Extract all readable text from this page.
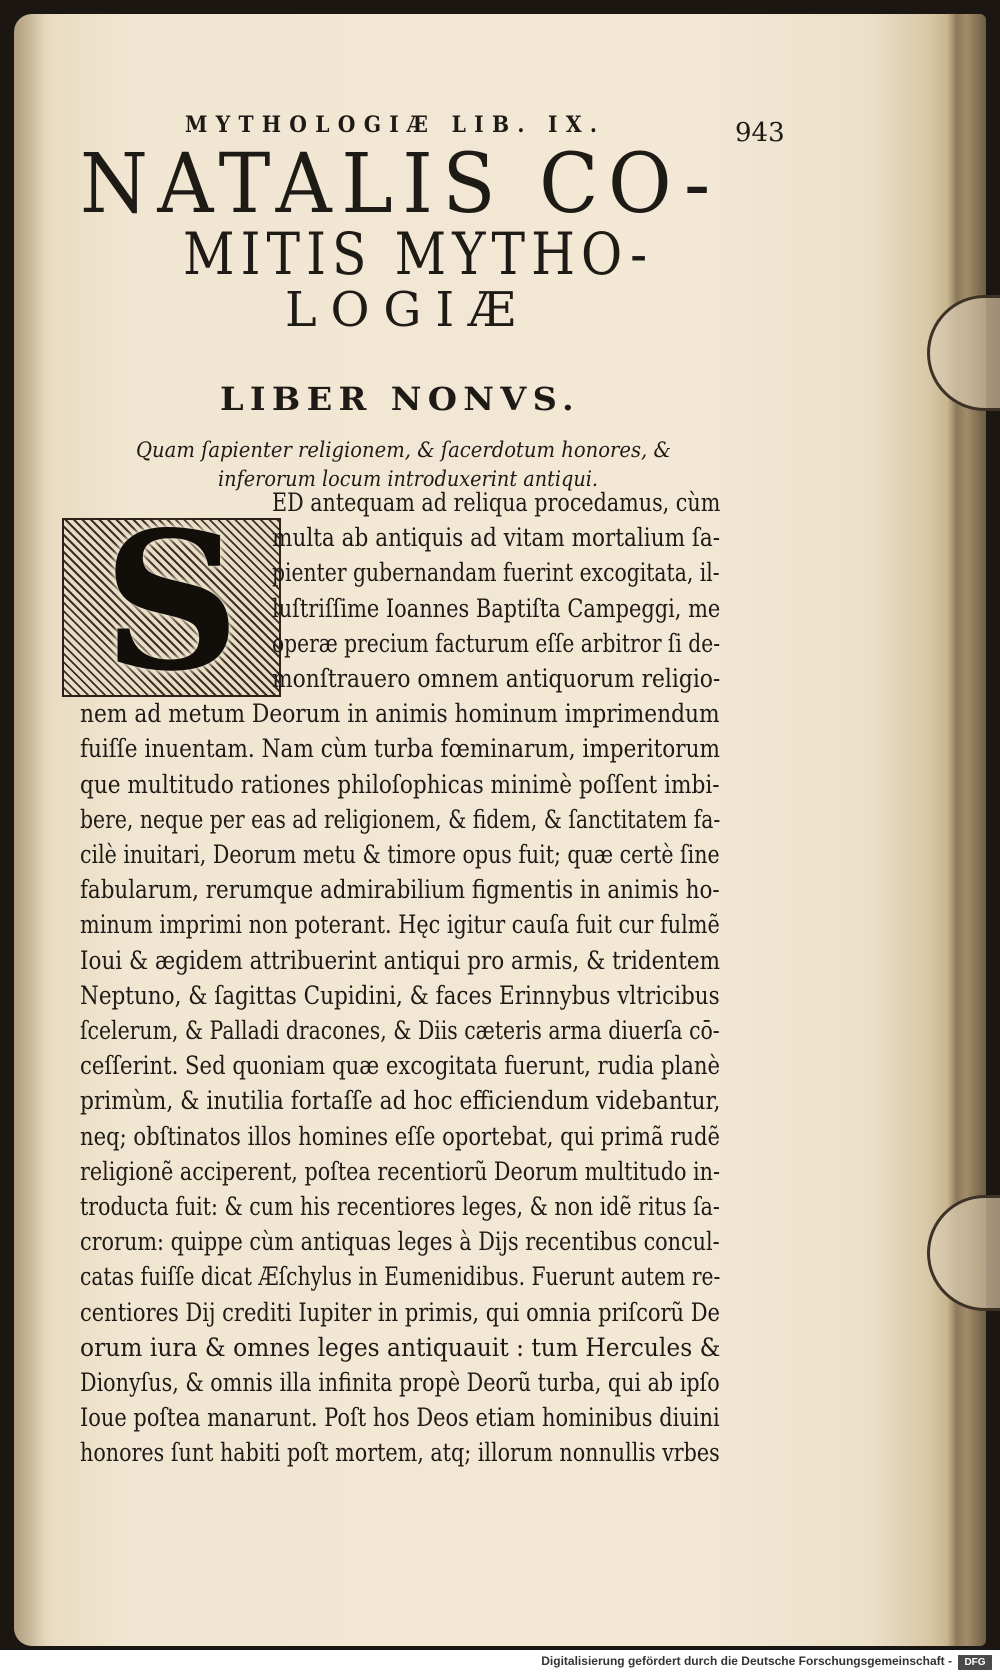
MYTHOLOGIÆ LIB. IX.	943
NATALIS CO-
MITIS MYTHO-
LOGIÆ
LIBER NONVS.
Quam ſapienter religionem, & ſacerdotum honores, &
inferorum locum introduxerint antiqui.
S	ED antequam ad reliqua procedamus, cùm
multa ab antiquis ad vitam mortalium ſa-
pienter gubernandam fuerint excogitata, il-
luſtriſſime Ioannes Baptiſta Campeggi, me
operæ precium facturum eſſe arbitror ſi de-
monſtrauero omnem antiquorum religio-
nem ad metum Deorum in animis hominum imprimendum
fuiſſe inuentam. Nam cùm turba fœminarum, imperitorum
que multitudo rationes philoſophicas minimè poſſent imbi-
bere, neque per eas ad religionem, & fidem, & ſanctitatem fa-
cilè inuitari, Deorum metu & timore opus fuit; quæ certè ſine
fabularum, rerumque admirabilium figmentis in animis ho-
minum imprimi non poterant. Hęc igitur cauſa fuit cur fulmẽ
Ioui & ægidem attribuerint antiqui pro armis, & tridentem
Neptuno, & ſagittas Cupidini, & faces Erinnybus vltricibus
ſcelerum, & Palladi dracones, & Diis cæteris arma diuerſa cō-
ceſſerint. Sed quoniam quæ excogitata fuerunt, rudia planè
primùm, & inutilia fortaſſe ad hoc efficiendum videbantur,
neq; obſtinatos illos homines eſſe oportebat, qui primã rudẽ
religionẽ acciperent, poſtea recentiorũ Deorum multitudo in-
troducta fuit: & cum his recentiores leges, & non idẽ ritus ſa-
crorum: quippe cùm antiquas leges à Dijs recentibus concul-
catas fuiſſe dicat Æſchylus in Eumenidibus. Fuerunt autem re-
centiores Dij crediti Iupiter in primis, qui omnia priſcorũ De
orum iura & omnes leges antiquauit : tum Hercules &
Dionyſus, & omnis illa infinita propè Deorũ turba, qui ab ipſo
Ioue poſtea manarunt. Poſt hos Deos etiam hominibus diuini
honores ſunt habiti poſt mortem, atq; illorum nonnullis vrbes
Digitalisierung gefördert durch die Deutsche Forschungsgemeinschaft -	DFG
